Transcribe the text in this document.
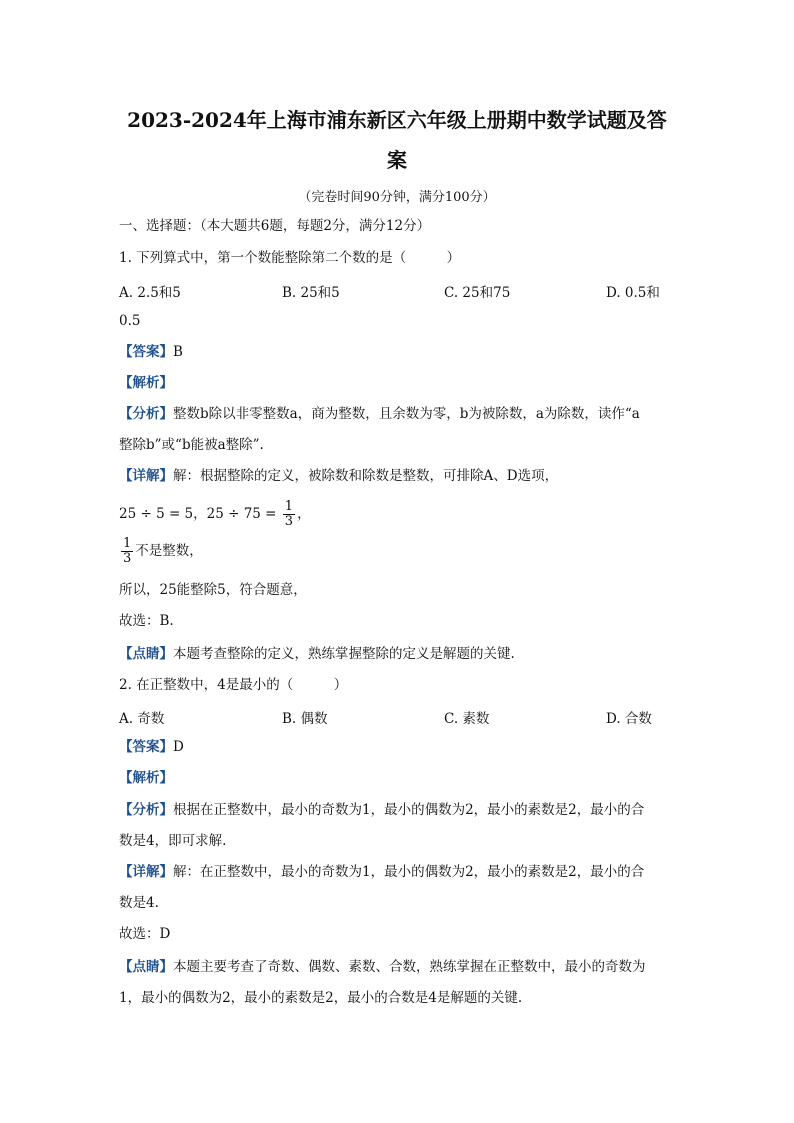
2023-2024年上海市浦东新区六年级上册期中数学试题及答
案
（完卷时间90分钟，满分100分）
一、选择题：（本大题共6题，每题2分，满分12分）
1. 下列算式中，第一个数能整除第二个数的是（　　　）
A. 2.5和5	B. 25和5	C. 25和75	D. 0.5和
0.5
【答案】B
【解析】
【分析】整数b除以非零整数a，商为整数，且余数为零，b为被除数，a为除数，读作“a
整除b”或“b能被a整除”.
【详解】解：根据整除的定义，被除数和除数是整数，可排除A、D选项，
25 ÷ 5 = 5，$25 \div 75 = \frac{1}{3}$ ，
$\frac{1}{3}$ 不是整数，
所以，25能整除5，符合题意，
故选：B.
【点睛】本题考查整除的定义，熟练掌握整除的定义是解题的关键.
2. 在正整数中，4是最小的（　　　）
A. 奇数	B. 偶数	C. 素数	D. 合数
【答案】D
【解析】
【分析】根据在正整数中，最小的奇数为1，最小的偶数为2，最小的素数是2，最小的合
数是4，即可求解.
【详解】解：在正整数中，最小的奇数为1，最小的偶数为2，最小的素数是2，最小的合
数是4.
故选：D
【点睛】本题主要考查了奇数、偶数、素数、合数，熟练掌握在正整数中，最小的奇数为
1，最小的偶数为2，最小的素数是2，最小的合数是4是解题的关键.
